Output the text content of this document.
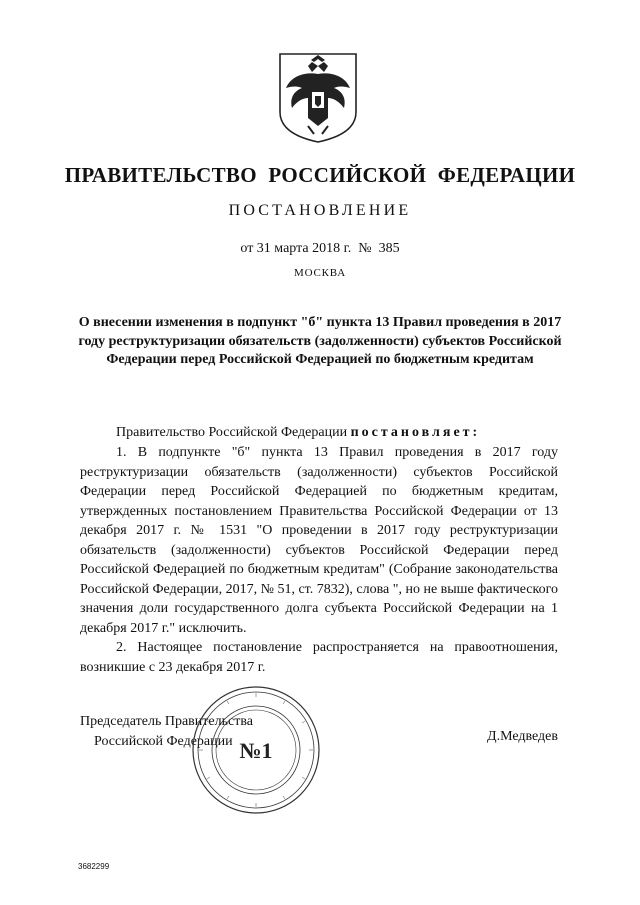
ПРАВИТЕЛЬСТВО РОССИЙСКОЙ ФЕДЕРАЦИИ
ПОСТАНОВЛЕНИЕ
от 31 марта 2018 г.  №  385
МОСКВА
О внесении изменения в подпункт "б" пункта 13 Правил проведения в 2017 году реструктуризации обязательств (задолженности) субъектов Российской Федерации перед Российской Федерацией по бюджетным кредитам
Правительство Российской Федерации постановляет:

1. В подпункте "б" пункта 13 Правил проведения в 2017 году реструктуризации обязательств (задолженности) субъектов Российской Федерации перед Российской Федерацией по бюджетным кредитам, утвержденных постановлением Правительства Российской Федерации от 13 декабря 2017 г. № 1531 "О проведении в 2017 году реструктуризации обязательств (задолженности) субъектов Российской Федерации перед Российской Федерацией по бюджетным кредитам" (Собрание законодательства Российской Федерации, 2017, № 51, ст. 7832), слова ", но не выше фактического значения доли государственного долга субъекта Российской Федерации на 1 декабря 2017 г." исключить.

2. Настоящее постановление распространяется на правоотношения, возникшие с 23 декабря 2017 г.

Председатель Правительства
Российской Федерации №1
Д.Медведев
3682299
